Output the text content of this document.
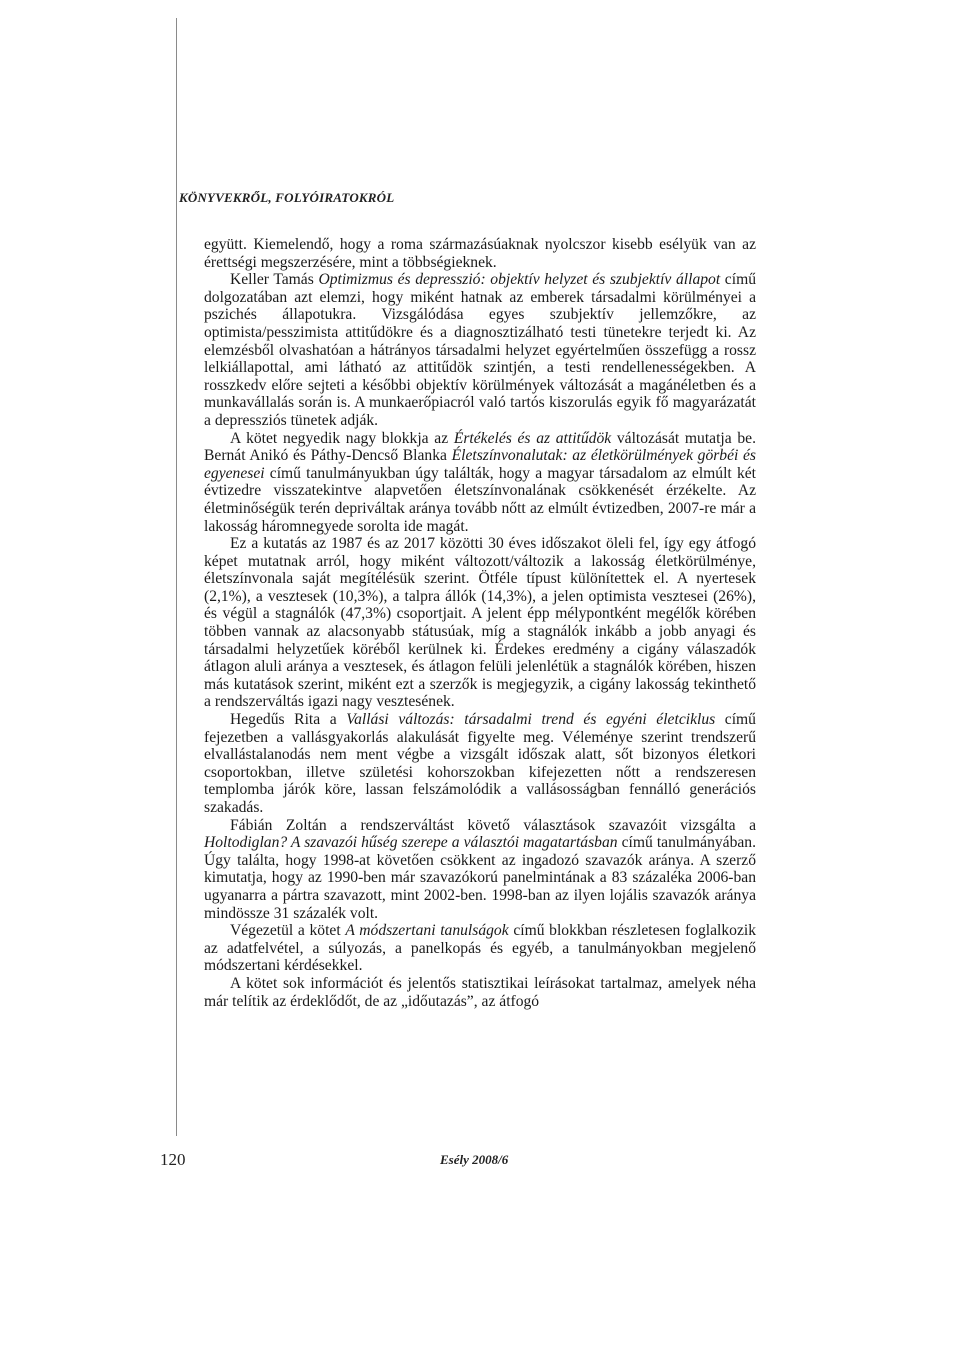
KÖNYVEKRŐL, FOLYÓIRATOKRÓL

együtt. Kiemelendő, hogy a roma származásúaknak nyolcszor kisebb esélyük van az érettségi megszerzésére, mint a többségieknek.

Keller Tamás Optimizmus és depresszió: objektív helyzet és szubjektív állapot című dolgozatában azt elemzi, hogy miként hatnak az emberek társadalmi körülményei a pszichés állapotukra. Vizsgálódása egyes szubjektív jellemzőkre, az optimista/pesszimista attitűdökre és a diagnosztizálható testi tünetekre terjedt ki. Az elemzésből olvashatóan a hátrányos társadalmi helyzet egyértelműen összefügg a rossz lelkiállapottal, ami látható az attitűdök szintjén, a testi rendellenességekben. A rosszkedv előre sejteti a későbbi objektív körülmények változását a magánéletben és a munkavállalás során is. A munkaerőpiacról való tartós kiszorulás egyik fő magyarázatát a depressziós tünetek adják.

A kötet negyedik nagy blokkja az Értékelés és az attitűdök változását mutatja be. Bernát Anikó és Páthy-Dencső Blanka Életszínvonalutak: az életkörülmények görbéi és egyenesei című tanulmányukban úgy találták, hogy a magyar társadalom az elmúlt két évtizedre visszatekintve alapvetően életszínvonalának csökkenését érzékelte. Az életminőségük terén depriváltak aránya tovább nőtt az elmúlt évtizedben, 2007-re már a lakosság háromnegyede sorolta ide magát.

Ez a kutatás az 1987 és az 2017 közötti 30 éves időszakot öleli fel, így egy átfogó képet mutatnak arról, hogy miként változott/változik a lakosság életkörülménye, életszínvonala saját megítélésük szerint. Ötféle típust különítettek el. A nyertesek (2,1%), a vesztesek (10,3%), a talpra állók (14,3%), a jelen optimista vesztesei (26%), és végül a stagnálók (47,3%) csoportjait. A jelent épp mélypontként megélők körében többen vannak az alacsonyabb státusúak, míg a stagnálók inkább a jobb anyagi és társadalmi helyzetűek köréből kerülnek ki. Érdekes eredmény a cigány válaszadók átlagon aluli aránya a vesztesek, és átlagon felüli jelenlétük a stagnálók körében, hiszen más kutatások szerint, miként ezt a szerzők is megjegyzik, a cigány lakosság tekinthető a rendszerváltás igazi nagy vesztesének.

Hegedűs Rita a Vallási változás: társadalmi trend és egyéni életciklus című fejezetben a vallásgyakorlás alakulását figyelte meg. Véleménye szerint trendszerű elvallástalanodás nem ment végbe a vizsgált időszak alatt, sőt bizonyos életkori csoportokban, illetve születési kohorszokban kifejezetten nőtt a rendszeresen templomba járók köre, lassan felszámolódik a vallásosságban fennálló generációs szakadás.

Fábián Zoltán a rendszerváltást követő választások szavazóit vizsgálta a Holtodiglan? A szavazói hűség szerepe a választói magatartásban című tanulmányában. Úgy találta, hogy 1998-at követően csökkent az ingadozó szavazók aránya. A szerző kimutatja, hogy az 1990-ben már szavazókorú panelmintának a 83 százaléka 2006-ban ugyanarra a pártra szavazott, mint 2002-ben. 1998-ban az ilyen lojális szavazók aránya mindössze 31 százalék volt.

Végezetül a kötet A módszertani tanulságok című blokkban részletesen foglalkozik az adatfelvétel, a súlyozás, a panelkopás és egyéb, a tanulmányokban megjelenő módszertani kérdésekkel.

A kötet sok információt és jelentős statisztikai leírásokat tartalmaz, amelyek néha már telítik az érdeklődőt, de az „időutazás”, az átfogó

120	Esély 2008/6
